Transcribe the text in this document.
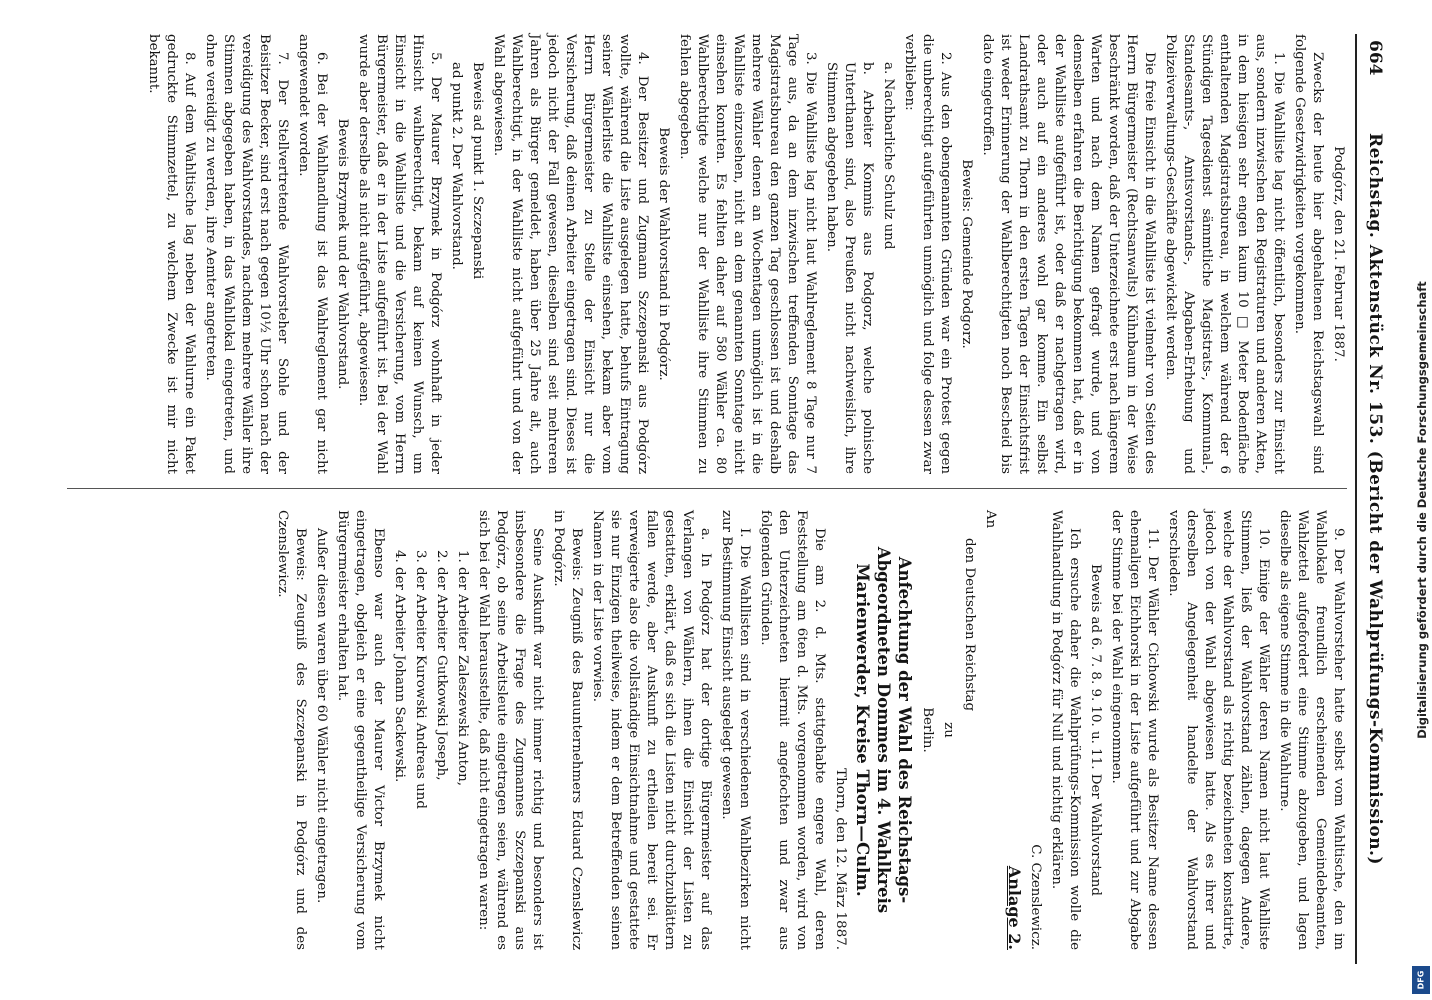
664
Reichstag. Aktenstück Nr. 153. (Bericht der Wahlprüfungs-Kommission.)

Podgórz, den 21. Februar 1887.

Zwecks der heute hier abgehaltenen Reichstagswahl sind folgende Gesetzwidrigkeiten vorgekommen.

1. Die Wahlliste lag nicht öffentlich, besonders zur Einsicht aus, sondern inzwischen den Registraturen und anderen Akten, in dem hiesigen sehr engen kaum 10 □ Meter Bodenfläche enthaltenden Magistratsbureau, in welchem während der 6 Stündigen Tagesdienst sämmtliche Magistrats-, Kommunal-, Standesamts-, Amtsvorstands-, Abgaben-Erhebung und Polizeiverwaltungs-Geschäfte abgewickelt werden.

Die freie Einsicht in die Wahlliste ist vielmehr von Seiten des Herrn Bürgermeister (Rechtsanwalts) Kühnbaum in der Weise beschränkt worden, daß der Unterzeichnete erst nach längerem Warten und nach dem Namen gefragt wurde, und von demselben erfahren die Berichtigung bekommen hat, daß er in der Wahlliste aufgeführt ist, oder daß er nachgetragen wird, oder auch auf ein anderes wohl gar komme. Ein selbst Landrathsamt zu Thorn in den ersten Tagen der Einsichtsfrist ist weder Erinnerung der Wahlberechtigten noch Bescheid bis dato eingetroffen.

Beweis: Gemeinde Podgorz.

2. Aus den obengenannten Gründen war ein Protest gegen die unberechtigt aufgeführten unmöglich und folge dessen zwar verblieben:

a. Nachbarliche Schulz und

b. Arbeiter Kommis aus Podgorz, welche polnische Unterthanen sind, also Preußen nicht nachweislich, ihre Stimmen abgegeben haben.

3. Die Wahlliste lag nicht laut Wahlreglement 8 Tage nur 7 Tage aus, da an dem inzwischen treffenden Sonntage das Magistratsbureau den ganzen Tag geschlossen ist und deshalb mehrere Wähler denen an Wochentagen unmöglich ist in die Wahlliste einzusehen, nicht an dem genannten Sonntage nicht einsehen konnten. Es fehlten daher auf 580 Wähler ca. 80 Wahlberechtigte welche nur der Wahlliste ihre Stimmen zu fehlen abgegeben.

Beweis der Wahlvorstand in Podgórz.

4. Der Besitzer und Zugmann Szczepanski aus Podgórz wollte, während die Liste ausgelegen hatte, behufs Eintragung seiner Wählerliste die Wahlliste einsehen, bekam aber vom Herrn Bürgermeister zu Stelle der Einsicht nur die Versicherung, daß deinen Arbeiter eingetragen sind. Dieses ist jedoch nicht der Fall gewesen, dieselben sind seit mehreren Jahren als Bürger gemeldet, haben über 25 Jahre alt, auch Wahlberechtigt, in der Wahlliste nicht aufgeführt und von der Wahl abgewiesen.

Beweis ad punkt 1. Szczepanski

ad punkt 2. Der Wahlvorstand.

5. Der Maurer Brzymek in Podgórz wohnhaft in jeder Hinsicht wahlberechtigt, bekam auf keinen Wunsch, um Einsicht in die Wahlliste und die Versicherung, vom Herrn Bürgermeister, daß er in der Liste aufgeführt ist. Bei der Wahl wurde aber derselbe als nicht aufgeführt, abgewiesen.

Beweis Brzymek und der Wahlvorstand.

6. Bei der Wahlhandlung ist das Wahlreglement gar nicht angewendet worden.

7. Der Stellvertretende Wahlvorsteher Sohle und der Beisitzer Becker, sind erst nach gegen 10½ Uhr schon nach der vereidigung des Wahlvorstandes, nachdem mehrere Wähler ihre Stimmen abgegeben haben, in das Wahllokal eingetreten, und ohne vereidigt zu werden, ihre Aemter angetreten.

8. Auf dem Wahltische lag neben der Wahlurne ein Paket gedruckte Stimmzettel, zu welchem Zwecke ist mir nicht bekannt.

9. Der Wahlvorsteher hatte selbst vom Wahltische, den im Wahllokale freundlich erscheinenden Gemeindebeamten, Wahlzettel aufgefordert eine Stimme abzugeben, und lagen dieselbe als eigene Stimme in die Wahlurne.

10. Einige der Wähler deren Namen nicht laut Wahlliste Stimmen, ließ der Wahlvorstand zählen, dagegen Andere, welche der Wahlvorstand als richtig bezeichneten konstatirte, jedoch von der Wahl abgewiesen hatte. Als es ihrer und derselben Angelegenheit handelte der Wahlvorstand verschieden.

11. Der Wähler Cichowski wurde als Besitzer Name dessen ehemaligen Eichhorski in der Liste aufgeführt und zur Abgabe der Stimme bei der Wahl eingenommen.

Beweis ad 6. 7. 8. 9. 10. u. 11. Der Wahlvorstand

Ich ersuche daher die Wahlprüfungs-Kommission wolle die Wahlhandlung in Podgórz für Null und nichtig erklären.

C. Czenslewicz.

Anlage 2.

An

den Deutschen Reichstag

zu

Berlin.

Anfechtung der Wahl des Reichstags-Abgeordneten Dommes im 4. Wahlkreis Marienwerder, Kreise Thorn—Culm.

Thorn, den 12. März 1887.

Die am 2. d. Mts. stattgehabte engere Wahl, deren Feststellung am 6ten d. Mts. vorgenommen worden, wird von den Unterzeichneten hiermit angefochten und zwar aus folgenden Gründen.

I. Die Wahllisten sind in verschiedenen Wahlbezirken nicht zur Bestimmung Einsicht ausgelegt gewesen.

a. In Podgórz hat der dortige Bürgermeister auf das Verlangen von Wählern, ihnen die Einsicht der Listen zu gestatten, erklärt, daß es sich die Listen nicht durchzublättern fallen werde, aber Auskunft zu ertheilen bereit sei. Er verweigerte also die vollständige Einsichtnahme und gestattete sie nur Einzigen theilweise, indem er dem Betreffenden seinen Namen in der Liste vorwies.

Beweis: Zeugniß des Bauunternehmers Eduard Czenslewicz in Podgórz.

Seine Auskunft war nicht immer richtig und besonders ist insbesondere die Frage des Zugmannes Szczepanski aus Podgórz, ob seine Arbeitsleute eingetragen seien, während es sich bei der Wahl herausstellte, daß nicht eingetragen waren:

1. der Arbeiter Zaleszewski Anton,

2. der Arbeiter Gutkowski Joseph,

3. der Arbeiter Kurowski Andreas und

4. der Arbeiter Johann Sackewski.

Ebenso war auch der Maurer Victor Brzymek nicht eingetragen, obgleich er eine gegentheilige Versicherung vom Bürgermeister erhalten hat.

Außer diesen waren über 60 Wähler nicht eingetragen.

Beweis: Zeugniß des Szczepanski in Podgórz und des Czenslewicz.	Digitalisierung gefördert durch die Deutsche Forschungsgemeinschaft
DFG
